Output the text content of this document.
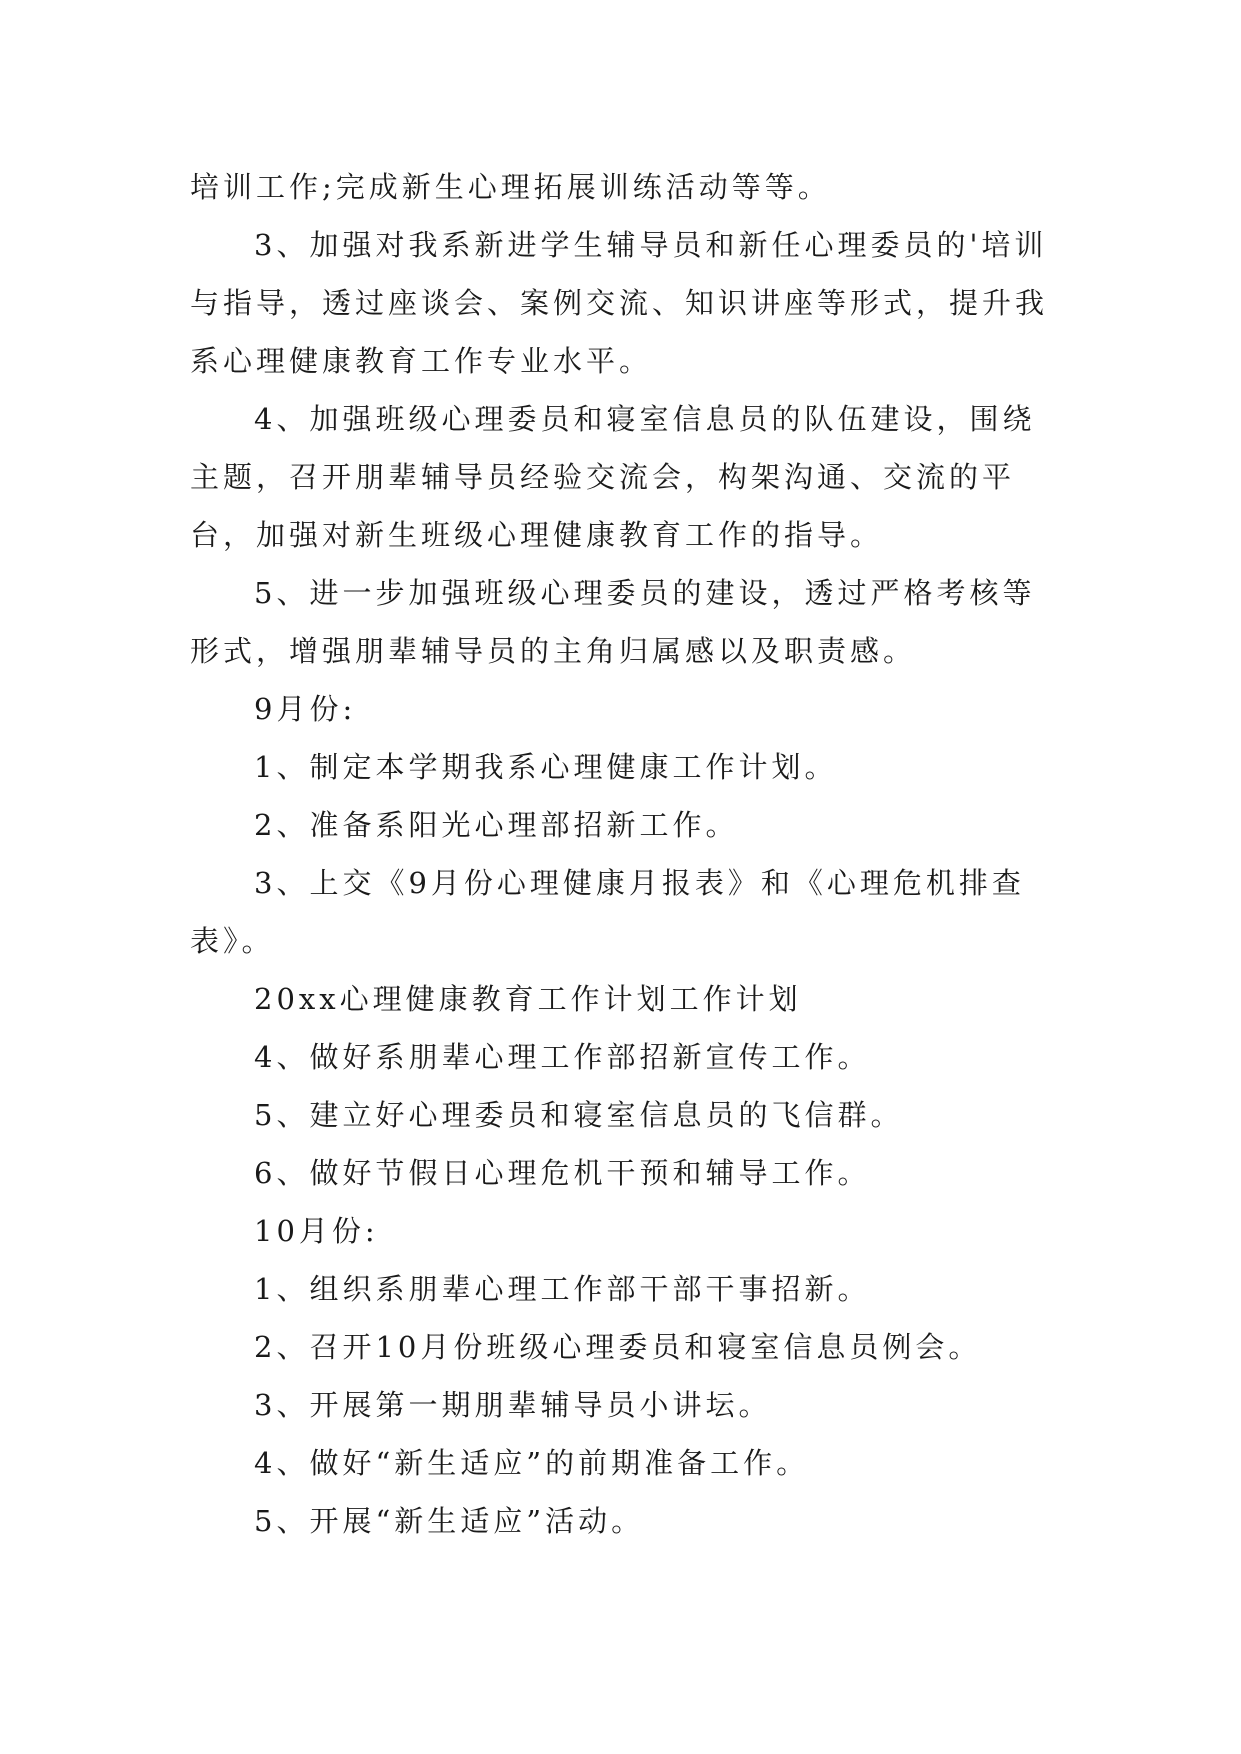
培训工作;完成新生心理拓展训练活动等等。

3、加强对我系新进学生辅导员和新任心理委员的'培训与指导，透过座谈会、案例交流、知识讲座等形式，提升我系心理健康教育工作专业水平。

4、加强班级心理委员和寝室信息员的队伍建设，围绕主题，召开朋辈辅导员经验交流会，构架沟通、交流的平台，加强对新生班级心理健康教育工作的指导。

5、进一步加强班级心理委员的建设，透过严格考核等形式，增强朋辈辅导员的主角归属感以及职责感。

9月份:

1、制定本学期我系心理健康工作计划。

2、准备系阳光心理部招新工作。

3、上交《9月份心理健康月报表》和《心理危机排查表》。

20xx心理健康教育工作计划工作计划

4、做好系朋辈心理工作部招新宣传工作。

5、建立好心理委员和寝室信息员的飞信群。

6、做好节假日心理危机干预和辅导工作。

10月份:

1、组织系朋辈心理工作部干部干事招新。

2、召开10月份班级心理委员和寝室信息员例会。

3、开展第一期朋辈辅导员小讲坛。

4、做好“新生适应”的前期准备工作。

5、开展“新生适应”活动。
